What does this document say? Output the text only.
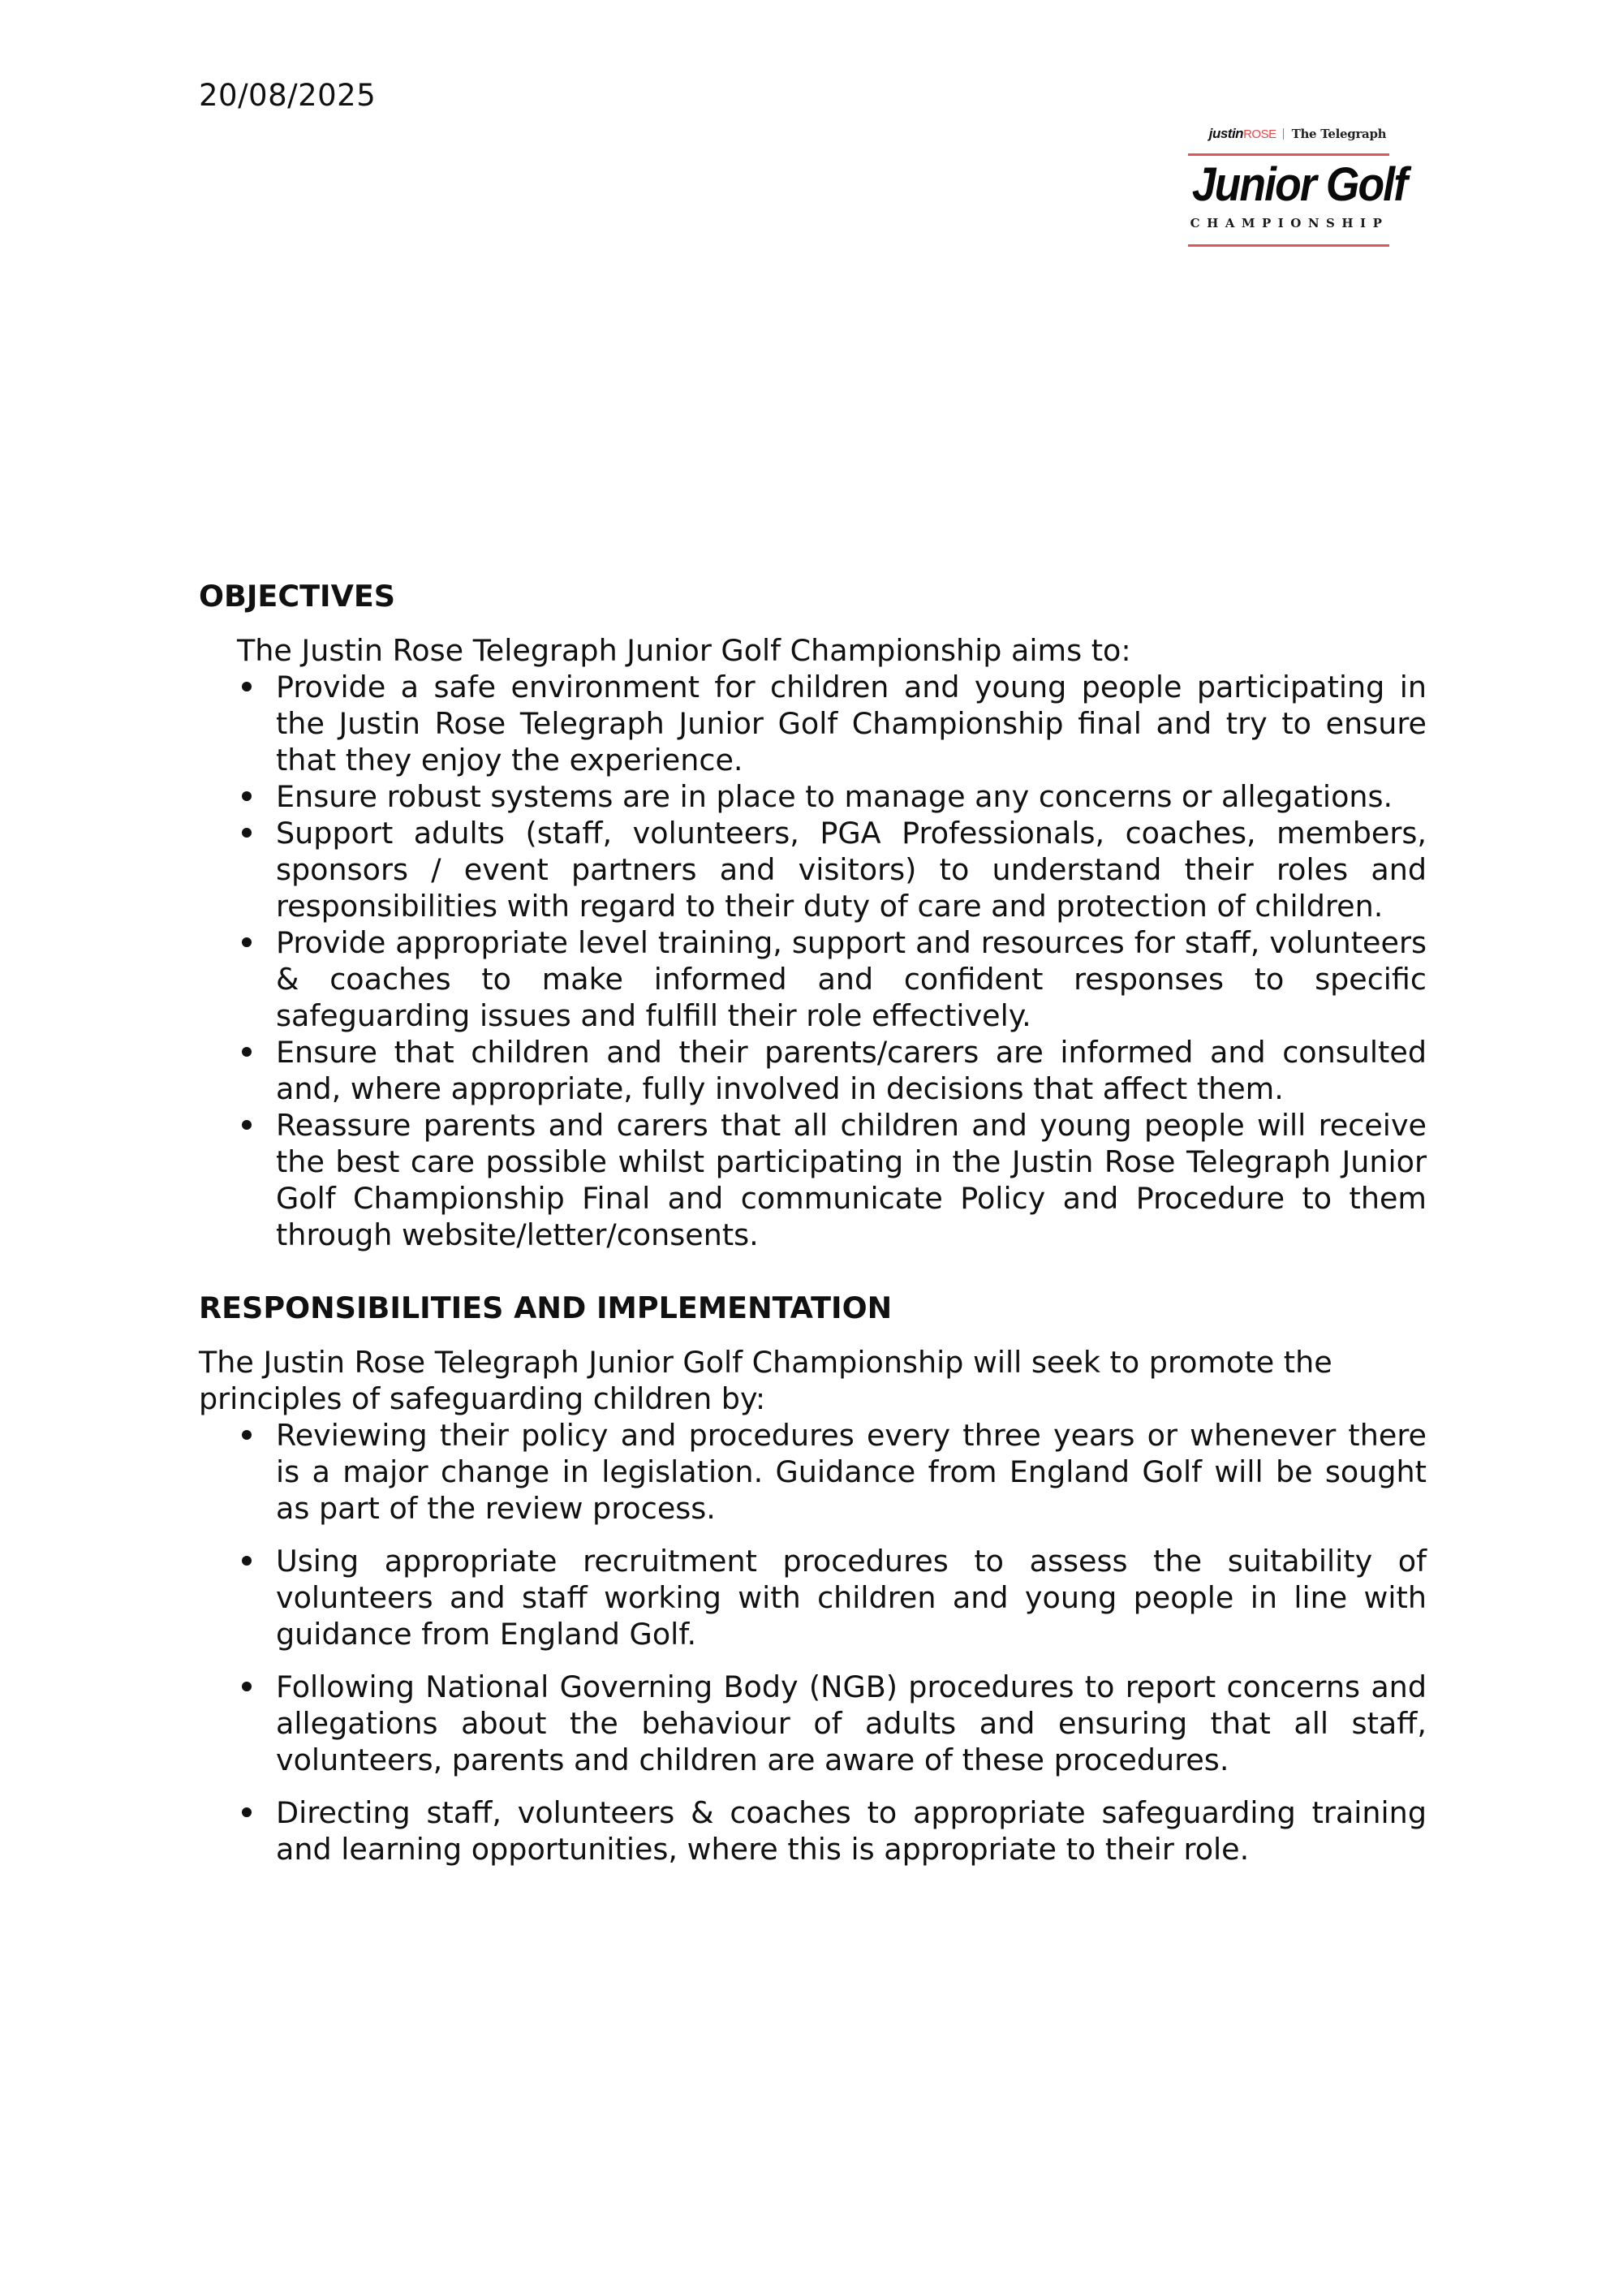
20/08/2025
justin ROSE The Telegraph
Junior Golf
CHAMPIONSHIP
OBJECTIVES

The Justin Rose Telegraph Junior Golf Championship aims to:

Provide a safe environment for children and young people participating in the Justin Rose Telegraph Junior Golf Championship final and try to ensure that they enjoy the experience.
Ensure robust systems are in place to manage any concerns or allegations.
Support adults (staff, volunteers, PGA Professionals, coaches, members, sponsors / event partners and visitors) to understand their roles and responsibilities with regard to their duty of care and protection of children.
Provide appropriate level training, support and resources for staff, volunteers & coaches to make informed and confident responses to specific safeguarding issues and fulfill their role effectively.
Ensure that children and their parents/carers are informed and consulted and, where appropriate, fully involved in decisions that affect them.
Reassure parents and carers that all children and young people will receive the best care possible whilst participating in the Justin Rose Telegraph Junior Golf Championship Final and communicate Policy and Procedure to them through website/letter/consents.
RESPONSIBILITIES AND IMPLEMENTATION

The Justin Rose Telegraph Junior Golf Championship will seek to promote the principles of safeguarding children by:

Reviewing their policy and procedures every three years or whenever there is a major change in legislation. Guidance from England Golf will be sought as part of the review process.
Using appropriate recruitment procedures to assess the suitability of volunteers and staff working with children and young people in line with guidance from England Golf.
Following National Governing Body (NGB) procedures to report concerns and allegations about the behaviour of adults and ensuring that all staff, volunteers, parents and children are aware of these procedures.
Directing staff, volunteers & coaches to appropriate safeguarding training and learning opportunities, where this is appropriate to their role.
